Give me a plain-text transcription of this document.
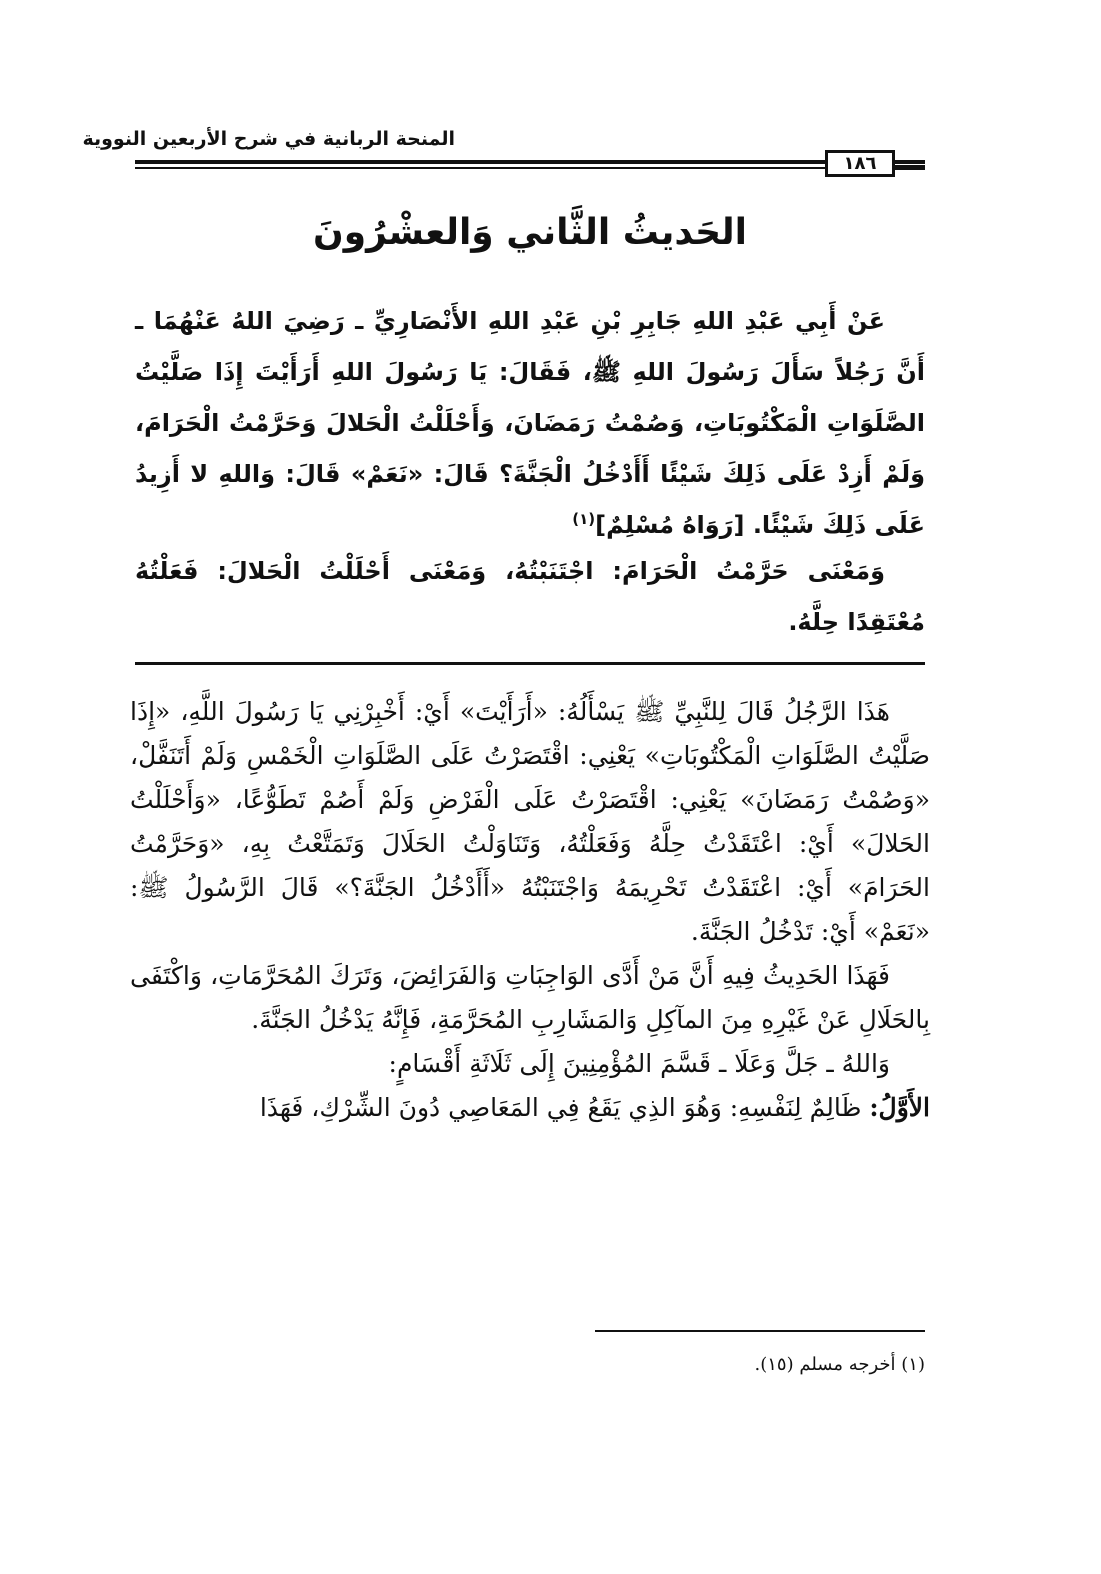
المنحة الربانية في شرح الأربعين النووية
١٨٦
الحَديثُ الثَّاني وَالعشْرُونَ

عَنْ أَبِي عَبْدِ اللهِ جَابِرِ بْنِ عَبْدِ اللهِ الأَنْصَارِيِّ ـ رَضِيَ اللهُ عَنْهُمَا ـ أَنَّ رَجُلاً سَأَلَ رَسُولَ اللهِ ﷺ، فَقَالَ: يَا رَسُولَ اللهِ أَرَأَيْتَ إِذَا صَلَّيْتُ الصَّلَوَاتِ الْمَكْتُوبَاتِ، وَصُمْتُ رَمَضَانَ، وَأَحْلَلْتُ الْحَلالَ وَحَرَّمْتُ الْحَرَامَ، وَلَمْ أَزِدْ عَلَى ذَلِكَ شَيْئًا أَأَدْخُلُ الْجَنَّةَ؟ قَالَ: «نَعَمْ» قَالَ: وَاللهِ لا أَزِيدُ عَلَى ذَلِكَ شَيْئًا. [رَوَاهُ مُسْلِمٌ]$^{(١)}$

وَمَعْنَى حَرَّمْتُ الْحَرَامَ: اجْتَنَبْتُهُ، وَمَعْنَى أَحْلَلْتُ الْحَلالَ: فَعَلْتُهُ مُعْتَقِدًا حِلَّهُ.

هَذَا الرَّجُلُ قَالَ لِلنَّبِيِّ ﷺ يَسْأَلُهُ: «أَرَأَيْتَ» أَيْ: أَخْبِرْنِي يَا رَسُولَ اللَّهِ، «إِذَا صَلَّيْتُ الصَّلَوَاتِ الْمَكْتُوبَاتِ» يَعْنِي: اقْتَصَرْتُ عَلَى الصَّلَوَاتِ الْخَمْسِ وَلَمْ أَتَنَفَّلْ، «وَصُمْتُ رَمَضَانَ» يَعْنِي: اقْتَصَرْتُ عَلَى الْفَرْضِ وَلَمْ أَصُمْ تَطَوُّعًا، «وَأَحْلَلْتُ الحَلالَ» أَيْ: اعْتَقَدْتُ حِلَّهُ وَفَعَلْتُهُ، وَتَنَاوَلْتُ الحَلَالَ وَتَمَتَّعْتُ بِهِ، «وَحَرَّمْتُ الحَرَامَ» أَيْ: اعْتَقَدْتُ تَحْرِيمَهُ وَاجْتَنَبْتُهُ «أَأَدْخُلُ الجَنَّةَ؟» قَالَ الرَّسُولُ ﷺ: «نَعَمْ» أَيْ: تَدْخُلُ الجَنَّةَ.

فَهَذَا الحَدِيثُ فِيهِ أَنَّ مَنْ أَدَّى الوَاجِبَاتِ وَالفَرَائِضَ، وَتَرَكَ المُحَرَّمَاتِ، وَاكْتَفَى بِالحَلَالِ عَنْ غَيْرِهِ مِنَ المآكِلِ وَالمَشَارِبِ المُحَرَّمَةِ، فَإِنَّهُ يَدْخُلُ الجَنَّةَ.

وَاللهُ ـ جَلَّ وَعَلَا ـ قَسَّمَ المُؤْمِنِينَ إِلَى ثَلَاثَةِ أَقْسَامٍ:

الأَوَّلُ: ظَالِمٌ لِنَفْسِهِ: وَهُوَ الذِي يَقَعُ فِي المَعَاصِي دُونَ الشِّرْكِ، فَهَذَا

(١) أخرجه مسلم (١٥).
